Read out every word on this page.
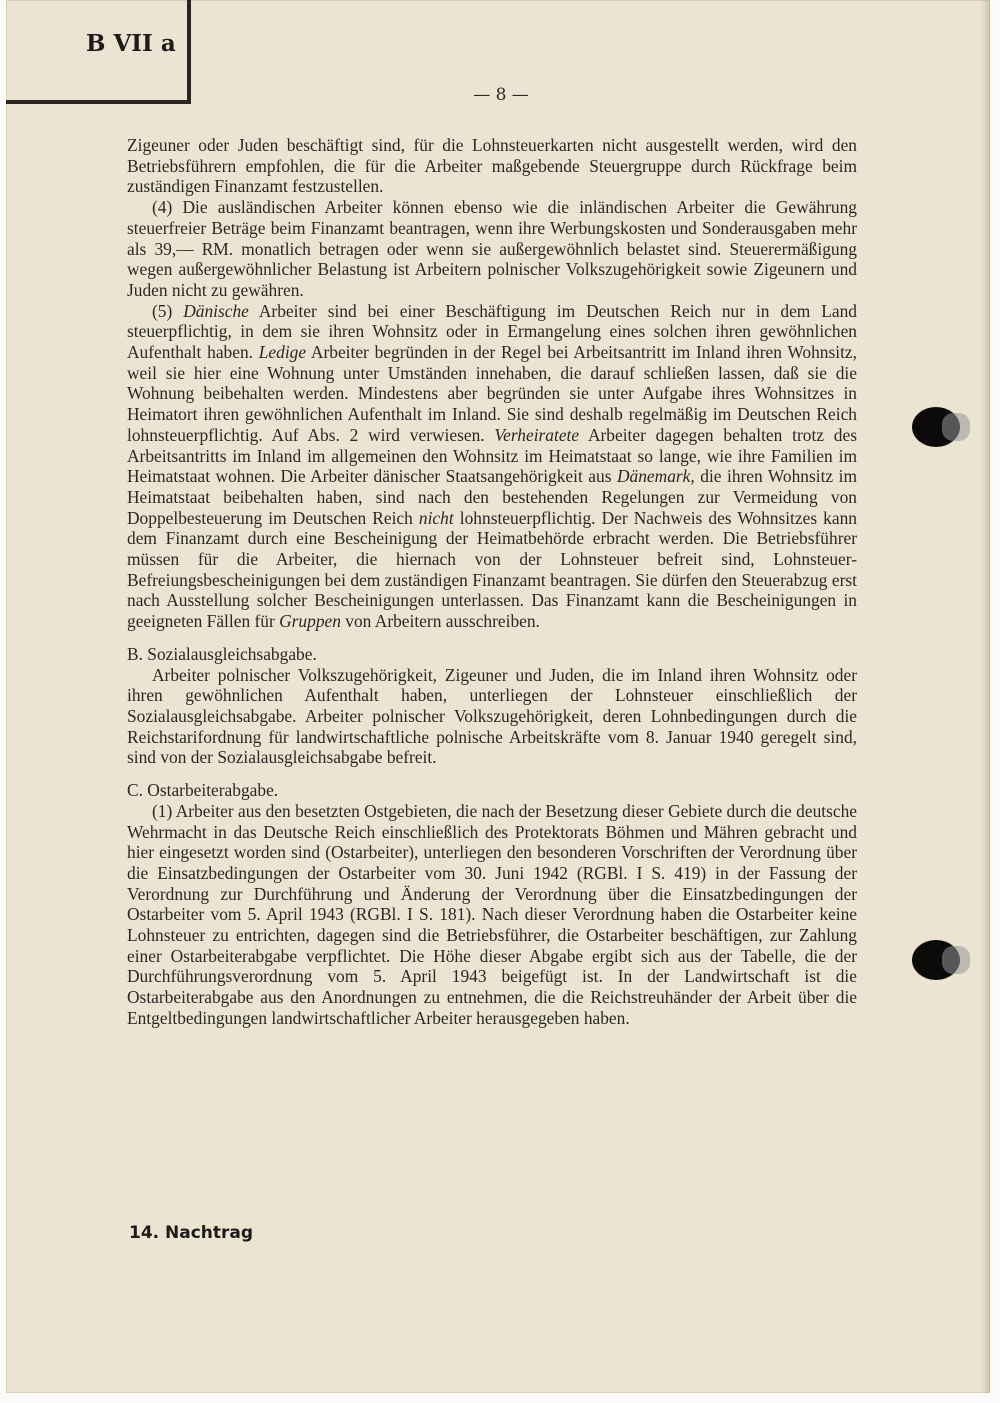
B VII a
— 8 —

Zigeuner oder Juden beschäftigt sind, für die Lohnsteuerkarten nicht ausgestellt werden, wird den Betriebsführern empfohlen, die für die Arbeiter maßgebende Steuergruppe durch Rückfrage beim zuständigen Finanzamt festzustellen.

(4) Die ausländischen Arbeiter können ebenso wie die inländischen Arbeiter die Gewährung steuerfreier Beträge beim Finanzamt beantragen, wenn ihre Werbungskosten und Sonderausgaben mehr als 39,— RM. monatlich betragen oder wenn sie außergewöhnlich belastet sind. Steuerermäßigung wegen außergewöhnlicher Belastung ist Arbeitern polnischer Volkszugehörigkeit sowie Zigeunern und Juden nicht zu gewähren.

(5) Dänische Arbeiter sind bei einer Beschäftigung im Deutschen Reich nur in dem Land steuerpflichtig, in dem sie ihren Wohnsitz oder in Ermangelung eines solchen ihren gewöhnlichen Aufenthalt haben. Ledige Arbeiter begründen in der Regel bei Arbeitsantritt im Inland ihren Wohnsitz, weil sie hier eine Wohnung unter Umständen innehaben, die darauf schließen lassen, daß sie die Wohnung beibehalten werden. Mindestens aber begründen sie unter Aufgabe ihres Wohnsitzes in Heimatort ihren gewöhnlichen Aufenthalt im Inland. Sie sind deshalb regelmäßig im Deutschen Reich lohnsteuerpflichtig. Auf Abs. 2 wird verwiesen. Verheiratete Arbeiter dagegen behalten trotz des Arbeitsantritts im Inland im allgemeinen den Wohnsitz im Heimatstaat so lange, wie ihre Familien im Heimatstaat wohnen. Die Arbeiter dänischer Staatsangehörigkeit aus Dänemark, die ihren Wohnsitz im Heimatstaat beibehalten haben, sind nach den bestehenden Regelungen zur Vermeidung von Doppelbesteuerung im Deutschen Reich nicht lohnsteuerpflichtig. Der Nachweis des Wohnsitzes kann dem Finanzamt durch eine Bescheinigung der Heimatbehörde erbracht werden. Die Betriebsführer müssen für die Arbeiter, die hiernach von der Lohnsteuer befreit sind, Lohnsteuer-Befreiungsbescheinigungen bei dem zuständigen Finanzamt beantragen. Sie dürfen den Steuerabzug erst nach Ausstellung solcher Bescheinigungen unterlassen. Das Finanzamt kann die Bescheinigungen in geeigneten Fällen für Gruppen von Arbeitern ausschreiben.

B. Sozialausgleichsabgabe.

Arbeiter polnischer Volkszugehörigkeit, Zigeuner und Juden, die im Inland ihren Wohnsitz oder ihren gewöhnlichen Aufenthalt haben, unterliegen der Lohnsteuer einschließlich der Sozialausgleichsabgabe. Arbeiter polnischer Volkszugehörigkeit, deren Lohnbedingungen durch die Reichstarifordnung für landwirtschaftliche polnische Arbeitskräfte vom 8. Januar 1940 geregelt sind, sind von der Sozialausgleichsabgabe befreit.

C. Ostarbeiterabgabe.

(1) Arbeiter aus den besetzten Ostgebieten, die nach der Besetzung dieser Gebiete durch die deutsche Wehrmacht in das Deutsche Reich einschließlich des Protektorats Böhmen und Mähren gebracht und hier eingesetzt worden sind (Ostarbeiter), unterliegen den besonderen Vorschriften der Verordnung über die Einsatzbedingungen der Ostarbeiter vom 30. Juni 1942 (RGBl. I S. 419) in der Fassung der Verordnung zur Durchführung und Änderung der Verordnung über die Einsatzbedingungen der Ostarbeiter vom 5. April 1943 (RGBl. I S. 181). Nach dieser Verordnung haben die Ostarbeiter keine Lohnsteuer zu entrichten, dagegen sind die Betriebsführer, die Ostarbeiter beschäftigen, zur Zahlung einer Ostarbeiterabgabe verpflichtet. Die Höhe dieser Abgabe ergibt sich aus der Tabelle, die der Durchführungsverordnung vom 5. April 1943 beigefügt ist. In der Landwirtschaft ist die Ostarbeiterabgabe aus den Anordnungen zu entnehmen, die die Reichstreuhänder der Arbeit über die Entgeltbedingungen landwirtschaftlicher Arbeiter herausgegeben haben.

14. Nachtrag
